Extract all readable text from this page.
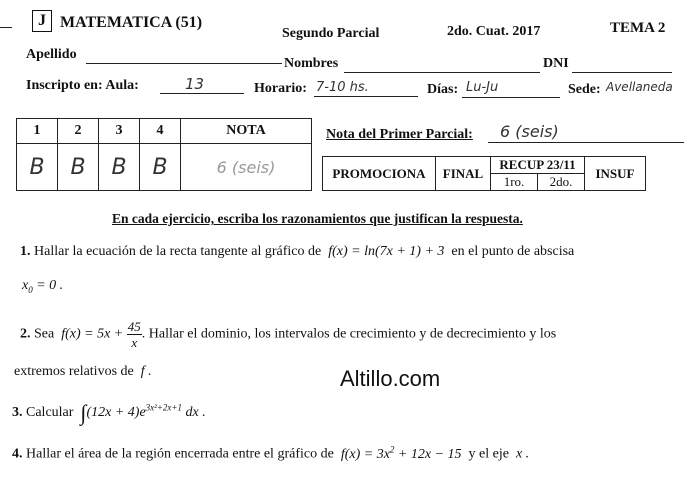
J MATEMATICA (51)
Segundo Parcial	2do. Cuat. 2017	TEMA 2
Apellido
Nombres	DNI
Inscripto en: Aula:	13	Horario: 7-10 hs.	Días: Lu-Ju	Sede: Avellaneda
1	2	3	4	NOTA
B	B	B	B	6 (seis)
Nota del Primer Parcial: 6 (seis)
PROMOCIONA	FINAL	RECUP 23/11		INSUF
		1ro.	2do.	
En cada ejercicio, escriba los razonamientos que justifican la respuesta.
1. Hallar la ecuación de la recta tangente al gráfico de  f(x) = ln(7x + 1) + 3  en el punto de abscisa
$x_0 = 0$ .
2. Sea  $f(x) = 5x + \frac{45}{x}$ . Hallar el dominio, los intervalos de crecimiento y de decrecimiento y los
extremos relativos de  f .	Altillo.com
3. Calcular $\int(12x + 4)e^{3x^2+2x+1}$ dx .
4. Hallar el área de la región encerrada entre el gráfico de  $f(x) = 3x^2 + 12x - 15$  y el eje  x .
